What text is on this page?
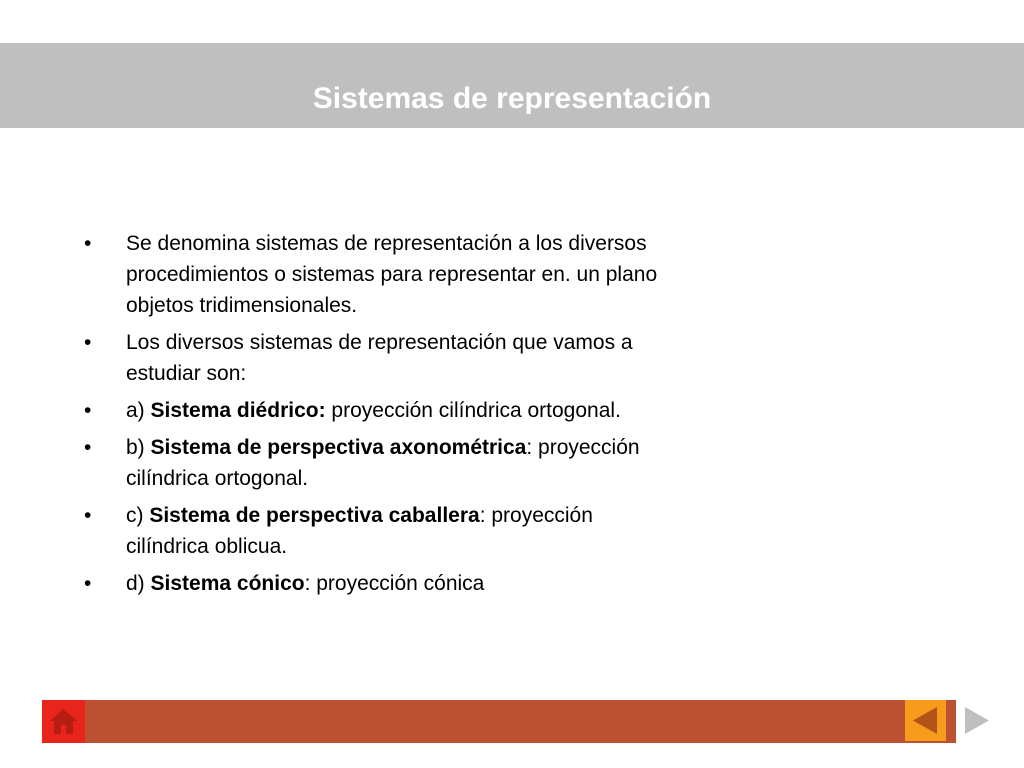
Sistemas de representación
• Se denomina sistemas de representación a los diversos procedimientos o sistemas para representar en. un plano objetos tridimensionales.
• Los diversos sistemas de representación que vamos a estudiar son:
• a) Sistema diédrico: proyección cilíndrica ortogonal.
• b) Sistema de perspectiva axonométrica: proyección cilíndrica ortogonal.
• c) Sistema de perspectiva caballera: proyección cilíndrica oblicua.
• d) Sistema cónico: proyección cónica
